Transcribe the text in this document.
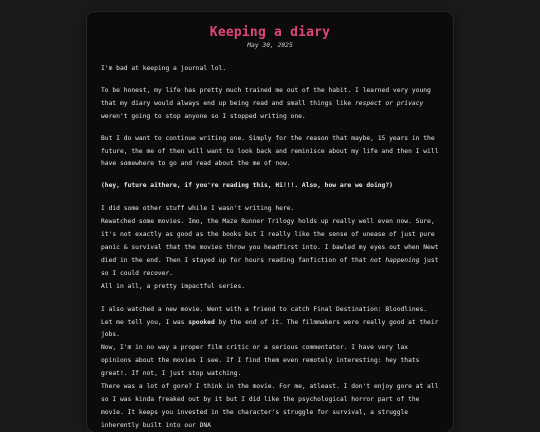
Keeping a diary
May 30, 2025

I'm bad at keeping a journal lol.

To be honest, my life has pretty much trained me out of the habit. I learned very young that my diary would always end up being read and small things like respect or privacy weren't going to stop anyone so I stopped writing one.

But I do want to continue writing one. Simply for the reason that maybe, 15 years in the future, the me of then will want to look back and reminisce about my life and then I will have somewhere to go and read about the me of now.

(hey, future aithere, if you're reading this, Hi!!!. Also, how are we doing?)

I did some other stuff while I wasn't writing here.

Rewatched some movies. Imo, the Maze Runner Trilogy holds up really well even now. Sure, it's not exactly as good as the books but I really like the sense of unease of just pure panic & survival that the movies throw you headfirst into. I bawled my eyes out when Newt died in the end. Then I stayed up for hours reading fanfiction of that not happening just so I could recover.

All in all, a pretty impactful series.

I also watched a new movie. Went with a friend to catch Final Destination: Bloodlines.

Let me tell you, I was spooked by the end of it. The filmmakers were really good at their jobs.

Now, I'm in no way a proper film critic or a serious commentator. I have very lax opinions about the movies I see. If I find them even remotely interesting: hey thats great!. If not, I just stop watching.

There was a lot of gore? I think in the movie. For me, atleast. I don't enjoy gore at all so I was kinda freaked out by it but I did like the psychological horror part of the movie. It keeps you invested in the character's struggle for survival, a struggle inherently built into our DNA
